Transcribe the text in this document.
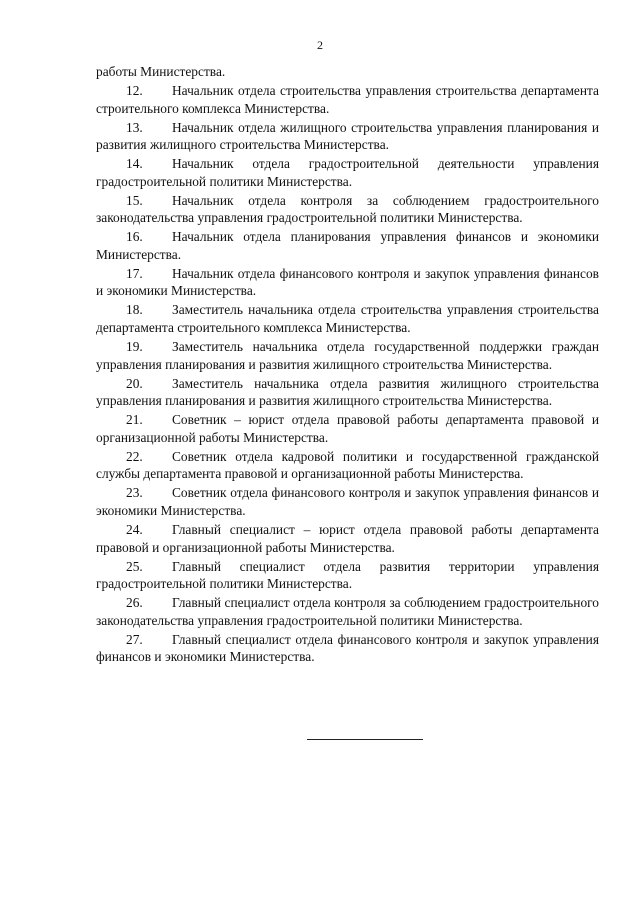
2

работы Министерства.

12. Начальник отдела строительства управления строительства департамента строительного комплекса Министерства.

13. Начальник отдела жилищного строительства управления планирования и развития жилищного строительства Министерства.

14. Начальник отдела градостроительной деятельности управления градостроительной политики Министерства.

15. Начальник отдела контроля за соблюдением градостроительного законодательства управления градостроительной политики Министерства.

16. Начальник отдела планирования управления финансов и экономики Министерства.

17. Начальник отдела финансового контроля и закупок управления финансов и экономики Министерства.

18. Заместитель начальника отдела строительства управления строительства департамента строительного комплекса Министерства.

19. Заместитель начальника отдела государственной поддержки граждан управления планирования и развития жилищного строительства Министерства.

20. Заместитель начальника отдела развития жилищного строительства управления планирования и развития жилищного строительства Министерства.

21. Советник – юрист отдела правовой работы департамента правовой и организационной работы Министерства.

22. Советник отдела кадровой политики и государственной гражданской службы департамента правовой и организационной работы Министерства.

23. Советник отдела финансового контроля и закупок управления финансов и экономики Министерства.

24. Главный специалист – юрист отдела правовой работы департамента правовой и организационной работы Министерства.

25. Главный специалист отдела развития территории управления градостроительной политики Министерства.

26. Главный специалист отдела контроля за соблюдением градостроительного законодательства управления градостроительной политики Министерства.

27. Главный специалист отдела финансового контроля и закупок управления финансов и экономики Министерства.
